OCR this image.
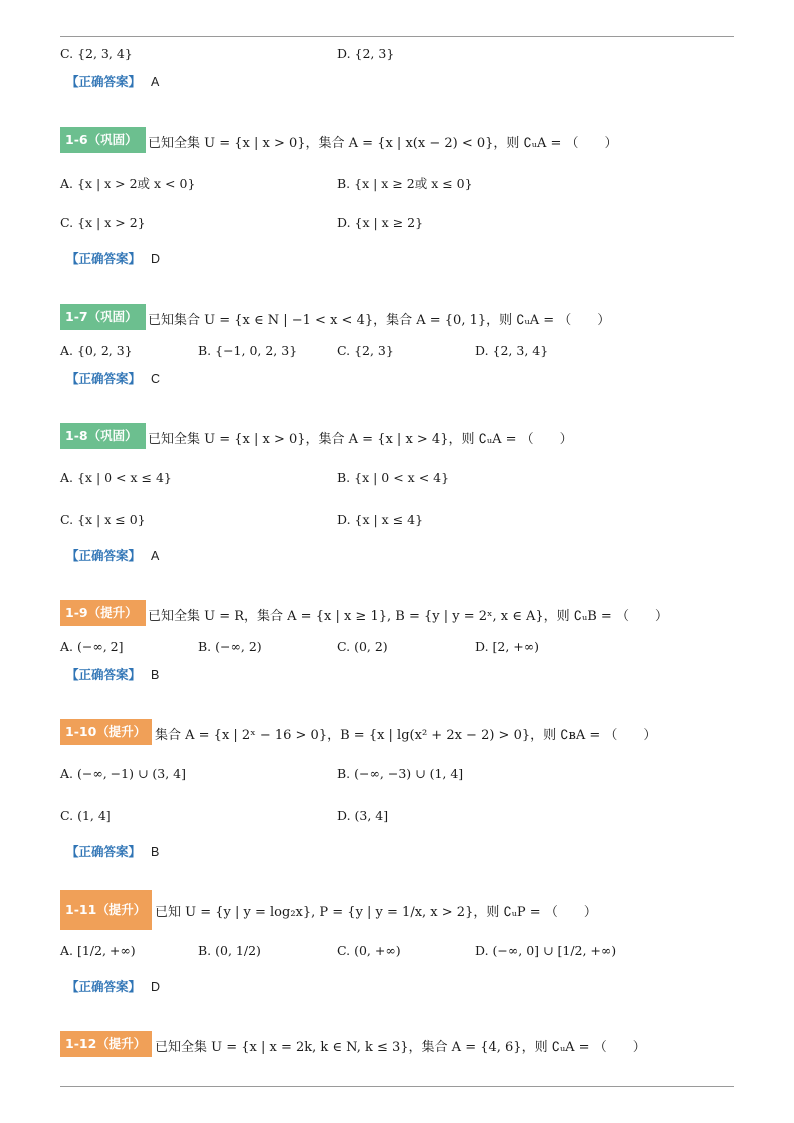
C. {2, 3, 4}	D. {2, 3}
【正确答案】 A
1-6（巩固） 已知全集 U = {x | x > 0}，集合 A = {x | x(x − 2) < 0}，则 ∁ᵤA = （　　）
A. {x | x > 2或 x < 0}	B. {x | x ≥ 2或 x ≤ 0}
C. {x | x > 2}	D. {x | x ≥ 2}
【正确答案】 D
1-7（巩固） 已知集合 U = {x ∈ N | −1 < x < 4}，集合 A = {0, 1}，则 ∁ᵤA = （　　）
A. {0, 2, 3}	B. {−1, 0, 2, 3}	C. {2, 3}	D. {2, 3, 4}
【正确答案】 C
1-8（巩固） 已知全集 U = {x | x > 0}，集合 A = {x | x > 4}，则 ∁ᵤA = （　　）
A. {x | 0 < x ≤ 4}	B. {x | 0 < x < 4}
C. {x | x ≤ 0}	D. {x | x ≤ 4}
【正确答案】 A
1-9（提升） 已知全集 U = R，集合 A = {x | x ≥ 1}, B = {y | y = 2ˣ, x ∈ A}，则 ∁ᵤB = （　　）
A. (−∞, 2]	B. (−∞, 2)	C. (0, 2)	D. [2, +∞)
【正确答案】 B
1-10（提升） 集合 A = {x | 2ˣ − 16 > 0}，B = {x | lg(x² + 2x − 2) > 0}，则 ∁ʙA = （　　）
A. (−∞, −1) ∪ (3, 4]	B. (−∞, −3) ∪ (1, 4]
C. (1, 4]	D. (3, 4]
【正确答案】 B
1-11（提升） 已知 U = {y | y = log₂x}, P = {y | y = 1/x, x > 2}，则 ∁ᵤP = （　　）
A. [1/2, +∞)	B. (0, 1/2)	C. (0, +∞)	D. (−∞, 0] ∪ [1/2, +∞)
【正确答案】 D
1-12（提升） 已知全集 U = {x | x = 2k, k ∈ N, k ≤ 3}，集合 A = {4, 6}，则 ∁ᵤA = （　　）
